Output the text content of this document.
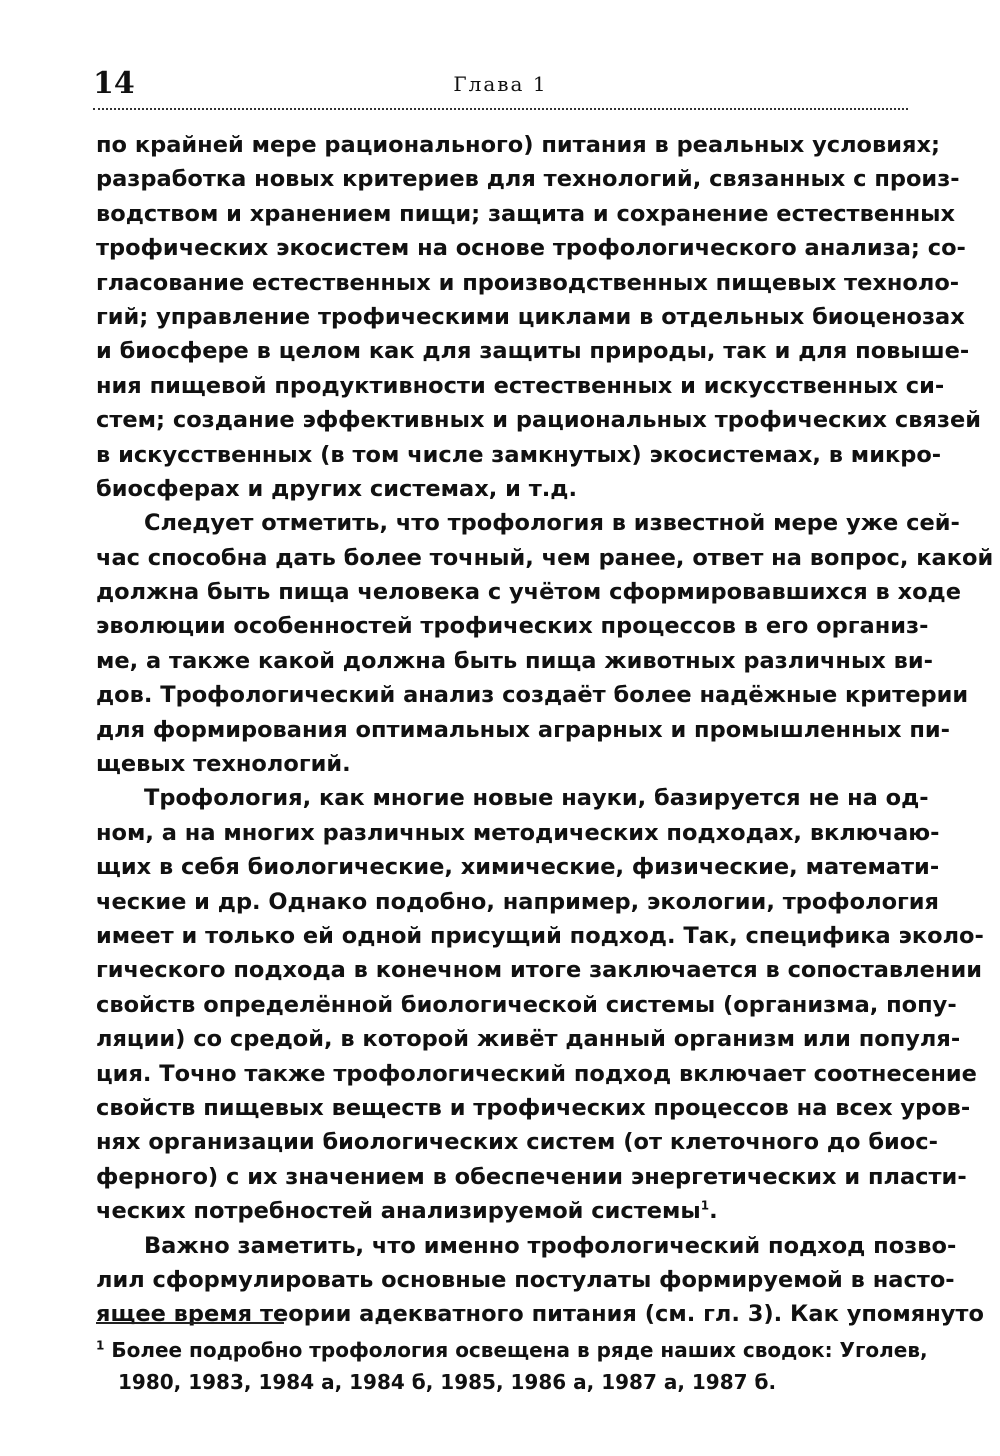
14	Глава 1
по крайней мере рационального) питания в реальных условиях;
разработка новых критериев для технологий, связанных с произ-
водством и хранением пищи; защита и сохранение естественных
трофических экосистем на основе трофологического анализа; со-
гласование естественных и производственных пищевых техноло-
гий; управление трофическими циклами в отдельных биоценозах
и биосфере в целом как для защиты природы, так и для повыше-
ния пищевой продуктивности естественных и искусственных си-
стем; создание эффективных и рациональных трофических связей
в искусственных (в том числе замкнутых) экосистемах, в микро-
биосферах и других системах, и т.д.
Следует отметить, что трофология в известной мере уже сей-
час способна дать более точный, чем ранее, ответ на вопрос, какой
должна быть пища человека с учётом сформировавшихся в ходе
эволюции особенностей трофических процессов в его организ-
ме, а также какой должна быть пища животных различных ви-
дов. Трофологический анализ создаёт более надёжные критерии
для формирования оптимальных аграрных и промышленных пи-
щевых технологий.
Трофология, как многие новые науки, базируется не на од-
ном, а на многих различных методических подходах, включаю-
щих в себя биологические, химические, физические, математи-
ческие и др. Однако подобно, например, экологии, трофология
имеет и только ей одной присущий подход. Так, специфика эколо-
гического подхода в конечном итоге заключается в сопоставлении
свойств определённой биологической системы (организма, попу-
ляции) со средой, в которой живёт данный организм или популя-
ция. Точно также трофологический подход включает соотнесение
свойств пищевых веществ и трофических процессов на всех уров-
нях организации биологических систем (от клеточного до биос-
ферного) с их значением в обеспечении энергетических и пласти-
ческих потребностей анализируемой системы$^1$.
Важно заметить, что именно трофологический подход позво-
лил сформулировать основные постулаты формируемой в насто-
ящее время теории адекватного питания (см. гл. 3). Как упомянуто
$^1$ Более подробно трофология освещена в ряде наших сводок: Уголев,
1980, 1983, 1984 а, 1984 б, 1985, 1986 а, 1987 а, 1987 б.
